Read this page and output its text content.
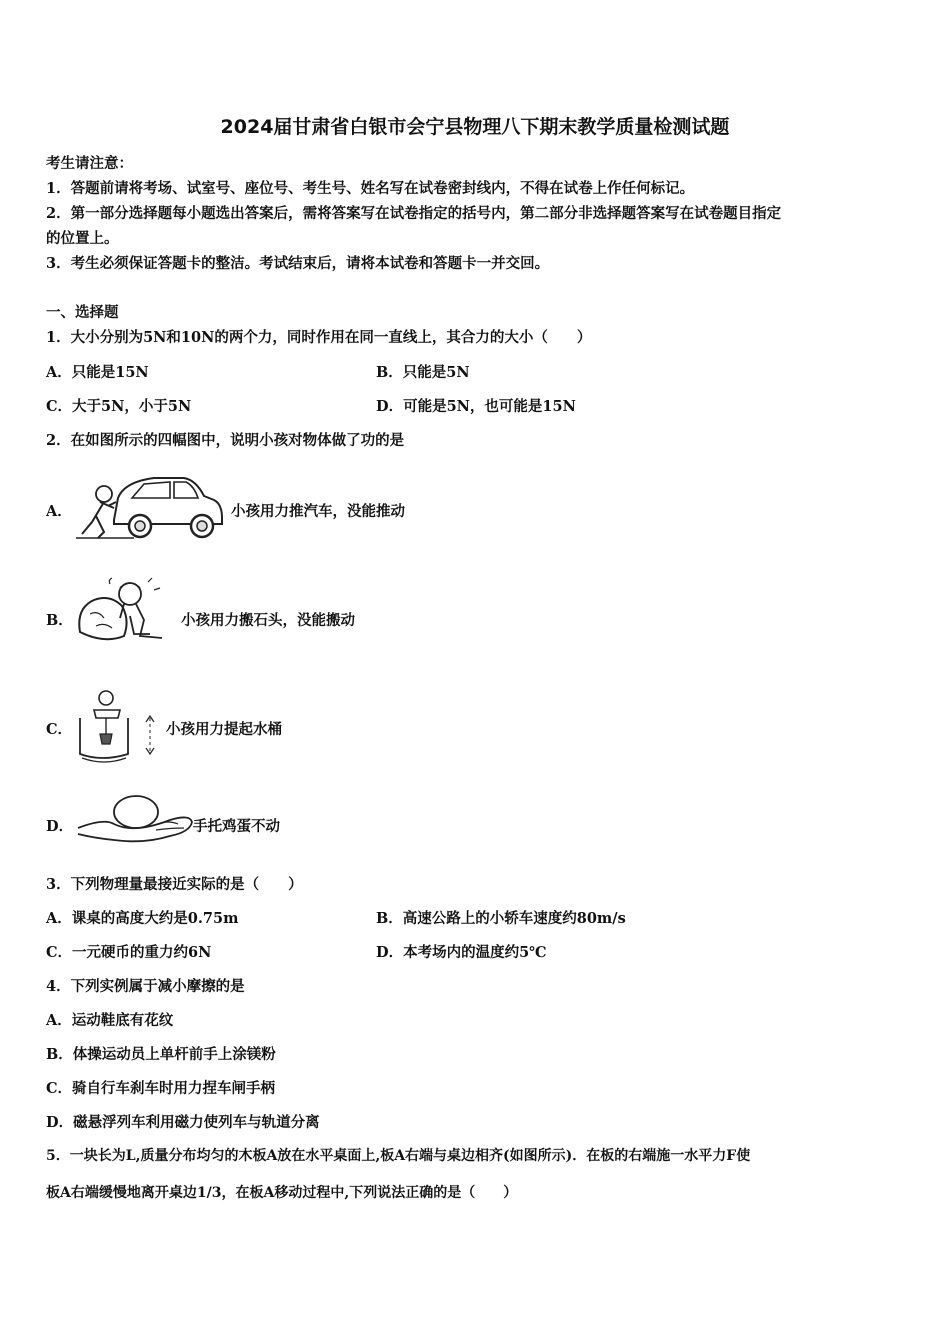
2024届甘肃省白银市会宁县物理八下期末教学质量检测试题
考生请注意：
1．答题前请将考场、试室号、座位号、考生号、姓名写在试卷密封线内，不得在试卷上作任何标记。
2．第一部分选择题每小题选出答案后，需将答案写在试卷指定的括号内，第二部分非选择题答案写在试卷题目指定
的位置上。
3．考生必须保证答题卡的整洁。考试结束后，请将本试卷和答题卡一并交回。
一、选择题
1．大小分别为5N和10N的两个力，同时作用在同一直线上，其合力的大小（　　）
A．只能是15N	B．只能是5N
C．大于5N，小于5N	D．可能是5N，也可能是15N
2．在如图所示的四幅图中，说明小孩对物体做了功的是
A．	小孩用力推汽车，没能推动
B．	小孩用力搬石头，没能搬动
C．	小孩用力提起水桶
D．	手托鸡蛋不动
3．下列物理量最接近实际的是（　　）
A．课桌的高度大约是0.75m	B．高速公路上的小轿车速度约80m/s
C．一元硬币的重力约6N	D．本考场内的温度约5℃
4．下列实例属于减小摩擦的是
A．运动鞋底有花纹
B．体操运动员上单杆前手上涂镁粉
C．骑自行车刹车时用力捏车闸手柄
D．磁悬浮列车利用磁力使列车与轨道分离
5．一块长为L,质量分布均匀的木板A放在水平桌面上,板A右端与桌边相齐(如图所示)．在板的右端施一水平力F使
板A右端缓慢地离开桌边1/3，在板A移动过程中,下列说法正确的是（　　）
